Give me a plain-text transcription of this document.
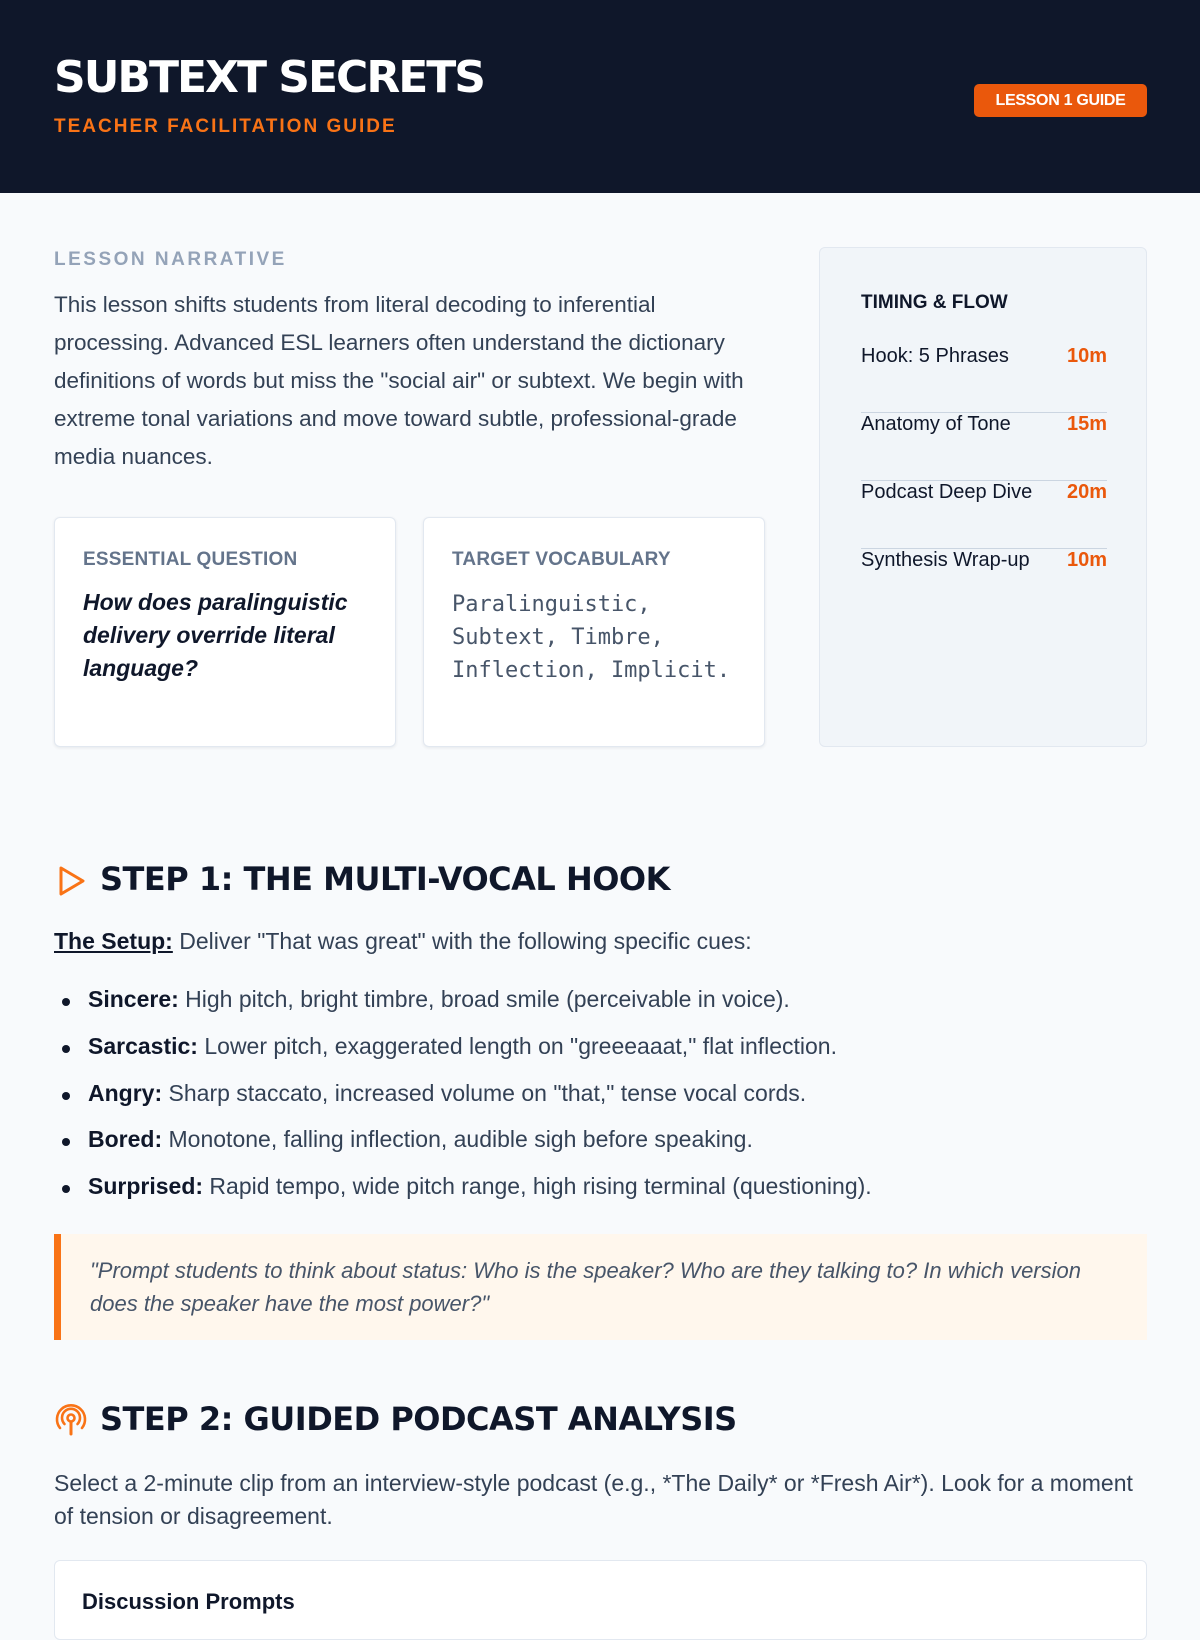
SUBTEXT SECRETS
TEACHER FACILITATION GUIDE
LESSON 1 GUIDE
LESSON NARRATIVE
This lesson shifts students from literal decoding to inferential processing. Advanced ESL learners often understand the dictionary definitions of words but miss the "social air" or subtext. We begin with extreme tonal variations and move toward subtle, professional-grade media nuances.
ESSENTIAL QUESTION
How does paralinguistic delivery override literal language?
TARGET VOCABULARY
Paralinguistic, Subtext, Timbre, Inflection, Implicit.
TIMING & FLOW
Hook: 5 Phrases	10m
Anatomy of Tone	15m
Podcast Deep Dive 20m
Synthesis Wrap-up 10m
STEP 1: THE MULTI-VOCAL HOOK
The Setup: Deliver "That was great" with the following specific cues:
Sincere: High pitch, bright timbre, broad smile (perceivable in voice).
Sarcastic: Lower pitch, exaggerated length on "greeeaaat," flat inflection.
Angry: Sharp staccato, increased volume on "that," tense vocal cords.
Bored: Monotone, falling inflection, audible sigh before speaking.
Surprised: Rapid tempo, wide pitch range, high rising terminal (questioning).
"Prompt students to think about status: Who is the speaker? Who are they talking to? In which version does the speaker have the most power?"
STEP 2: GUIDED PODCAST ANALYSIS
Select a 2-minute clip from an interview-style podcast (e.g., *The Daily* or *Fresh Air*). Look for a moment of tension or disagreement.
Discussion Prompts
